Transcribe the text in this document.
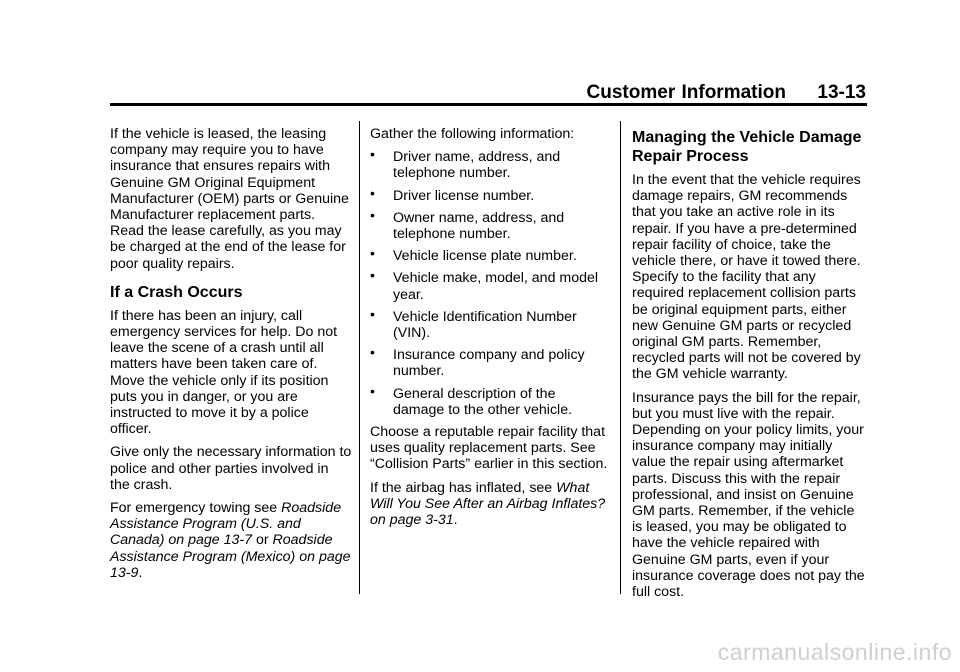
Customer Information 13-13

If the vehicle is leased, the leasing company may require you to have insurance that ensures repairs with Genuine GM Original Equipment Manufacturer (OEM) parts or Genuine Manufacturer replacement parts. Read the lease carefully, as you may be charged at the end of the lease for poor quality repairs.

If a Crash Occurs

If there has been an injury, call emergency services for help. Do not leave the scene of a crash until all matters have been taken care of. Move the vehicle only if its position puts you in danger, or you are instructed to move it by a police officer.

Give only the necessary information to police and other parties involved in the crash.

For emergency towing see Roadside Assistance Program (U.S. and Canada) on page 13-7 or Roadside Assistance Program (Mexico) on page 13-9.

Gather the following information:

• Driver name, address, and telephone number.
• Driver license number.
• Owner name, address, and telephone number.
• Vehicle license plate number.
• Vehicle make, model, and model year.
• Vehicle Identification Number (VIN).
• Insurance company and policy number.
• General description of the damage to the other vehicle.

Choose a reputable repair facility that uses quality replacement parts. See “Collision Parts” earlier in this section.

If the airbag has inflated, see What Will You See After an Airbag Inflates? on page 3-31.

Managing the Vehicle Damage Repair Process

In the event that the vehicle requires damage repairs, GM recommends that you take an active role in its repair. If you have a pre-determined repair facility of choice, take the vehicle there, or have it towed there. Specify to the facility that any required replacement collision parts be original equipment parts, either new Genuine GM parts or recycled original GM parts. Remember, recycled parts will not be covered by the GM vehicle warranty.

Insurance pays the bill for the repair, but you must live with the repair. Depending on your policy limits, your insurance company may initially value the repair using aftermarket parts. Discuss this with the repair professional, and insist on Genuine GM parts. Remember, if the vehicle is leased, you may be obligated to have the vehicle repaired with Genuine GM parts, even if your insurance coverage does not pay the full cost.

carmanualsonline.info
